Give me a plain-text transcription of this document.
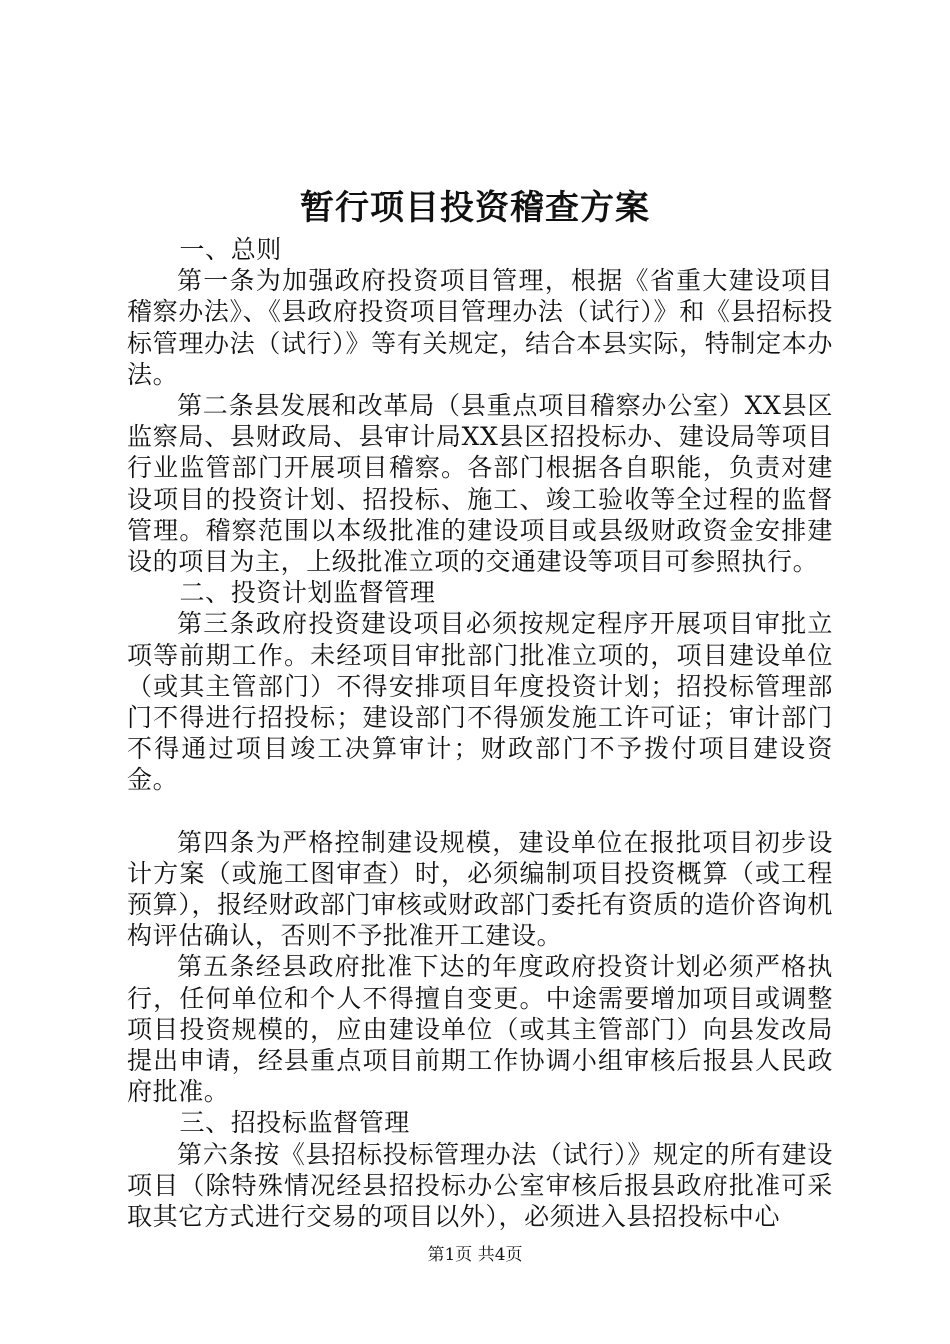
暂行项目投资稽查方案

一、总则

第一条为加强政府投资项目管理，根据《省重大建设项目稽察办法》、《县政府投资项目管理办法（试行）》和《县招标投标管理办法（试行）》等有关规定，结合本县实际，特制定本办法。

第二条县发展和改革局（县重点项目稽察办公室）XX县区监察局、县财政局、县审计局XX县区招投标办、建设局等项目行业监管部门开展项目稽察。各部门根据各自职能，负责对建设项目的投资计划、招投标、施工、竣工验收等全过程的监督管理。稽察范围以本级批准的建设项目或县级财政资金安排建设的项目为主，上级批准立项的交通建设等项目可参照执行。

二、投资计划监督管理

第三条政府投资建设项目必须按规定程序开展项目审批立项等前期工作。未经项目审批部门批准立项的，项目建设单位（或其主管部门）不得安排项目年度投资计划；招投标管理部门不得进行招投标；建设部门不得颁发施工许可证；审计部门不得通过项目竣工决算审计；财政部门不予拨付项目建设资金。

第四条为严格控制建设规模，建设单位在报批项目初步设计方案（或施工图审查）时，必须编制项目投资概算（或工程预算），报经财政部门审核或财政部门委托有资质的造价咨询机构评估确认，否则不予批准开工建设。

第五条经县政府批准下达的年度政府投资计划必须严格执行，任何单位和个人不得擅自变更。中途需要增加项目或调整项目投资规模的，应由建设单位（或其主管部门）向县发改局提出申请，经县重点项目前期工作协调小组审核后报县人民政府批准。

三、招投标监督管理

第六条按《县招标投标管理办法（试行）》规定的所有建设项目（除特殊情况经县招投标办公室审核后报县政府批准可采取其它方式进行交易的项目以外），必须进入县招投标中心

第1页 共4页
